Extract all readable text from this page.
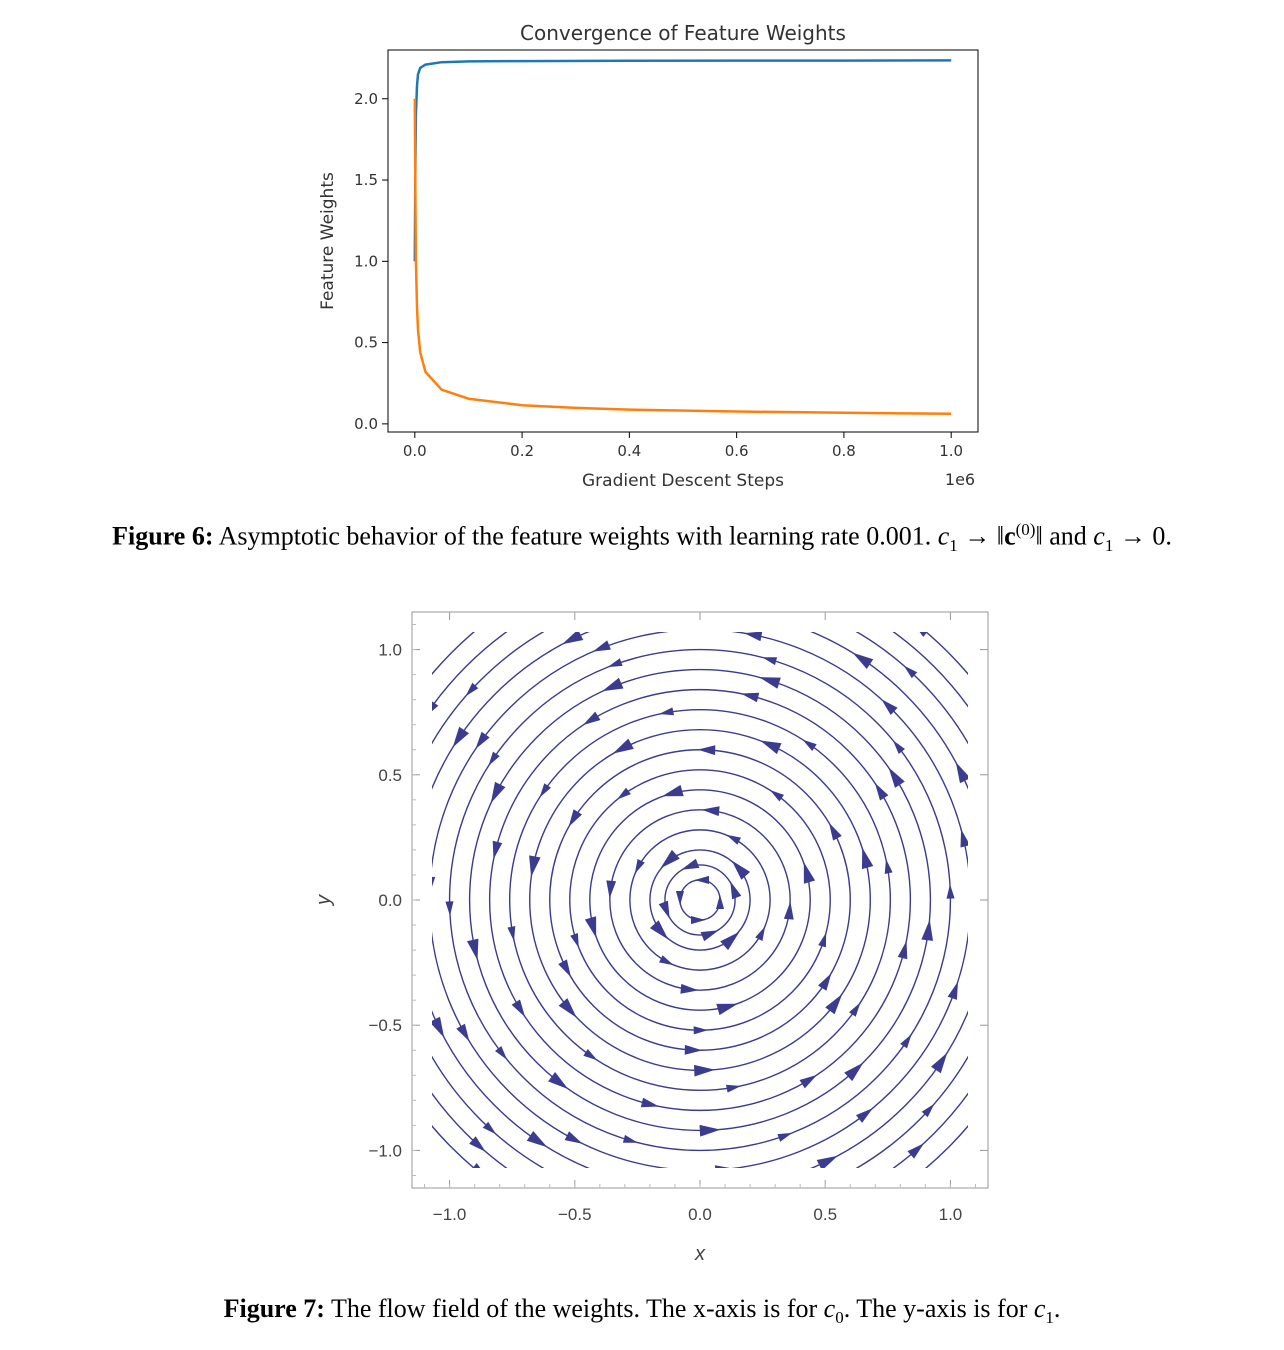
Convergence of Feature Weights
Gradient Descent Steps
Feature Weights
1e6
0.0	0.2	0.4	0.6	0.8	1.0
0.0
0.5
1.0
1.5
2.0
Figure 6: Asymptotic behavior of the feature weights with learning rate 0.001. $c_1$ → $‖c^{(0)}‖$ and $c_1 \to 0$.
−1.0	−0.5	0.0	0.5	1.0
−1.0
−0.5
0.0
0.5
1.0
x
y
Figure 7: The flow field of the weights. The x-axis is for $c_0$. The y-axis is for $c_1$.
